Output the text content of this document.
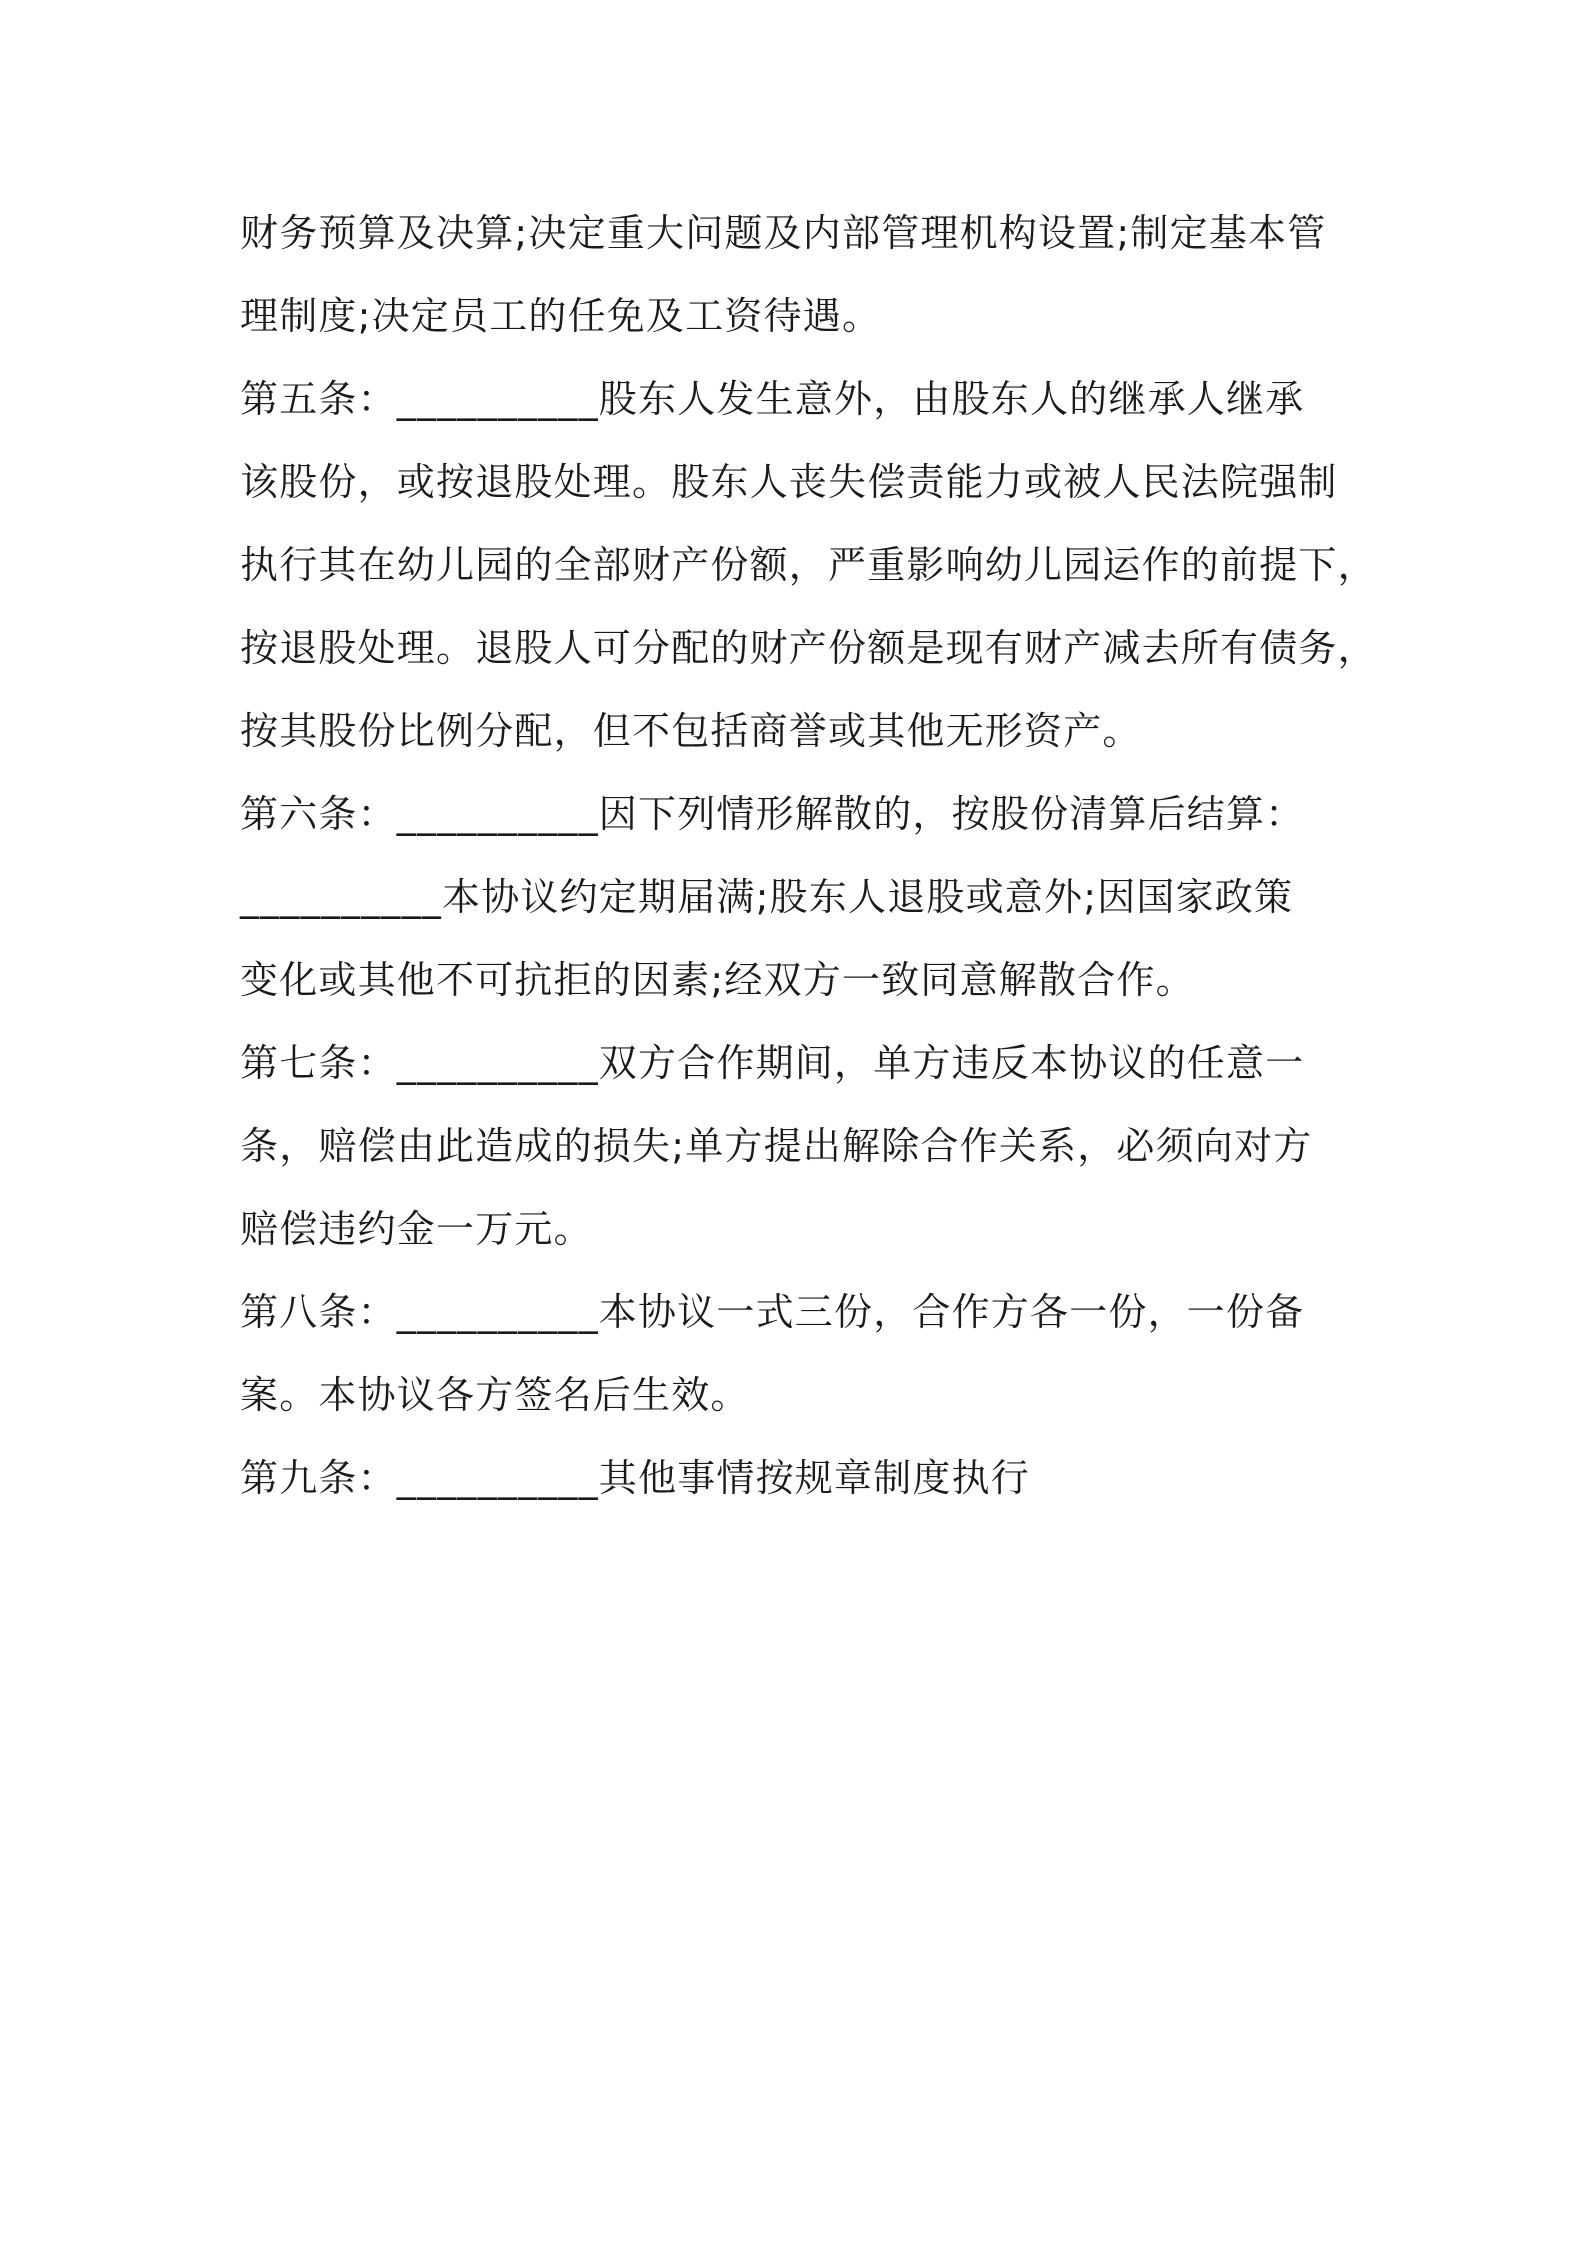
财务预算及决算;决定重大问题及内部管理机构设置;制定基本管
理制度;决定员工的任免及工资待遇。
第五条：__________股东人发生意外，由股东人的继承人继承
该股份，或按退股处理。股东人丧失偿责能力或被人民法院强制
执行其在幼儿园的全部财产份额，严重影响幼儿园运作的前提下，
按退股处理。退股人可分配的财产份额是现有财产减去所有债务，
按其股份比例分配，但不包括商誉或其他无形资产。
第六条：__________因下列情形解散的，按股份清算后结算：
__________本协议约定期届满;股东人退股或意外;因国家政策
变化或其他不可抗拒的因素;经双方一致同意解散合作。
第七条：__________双方合作期间，单方违反本协议的任意一
条，赔偿由此造成的损失;单方提出解除合作关系，必须向对方
赔偿违约金一万元。
第八条：__________本协议一式三份，合作方各一份，一份备
案。本协议各方签名后生效。
第九条：__________其他事情按规章制度执行
